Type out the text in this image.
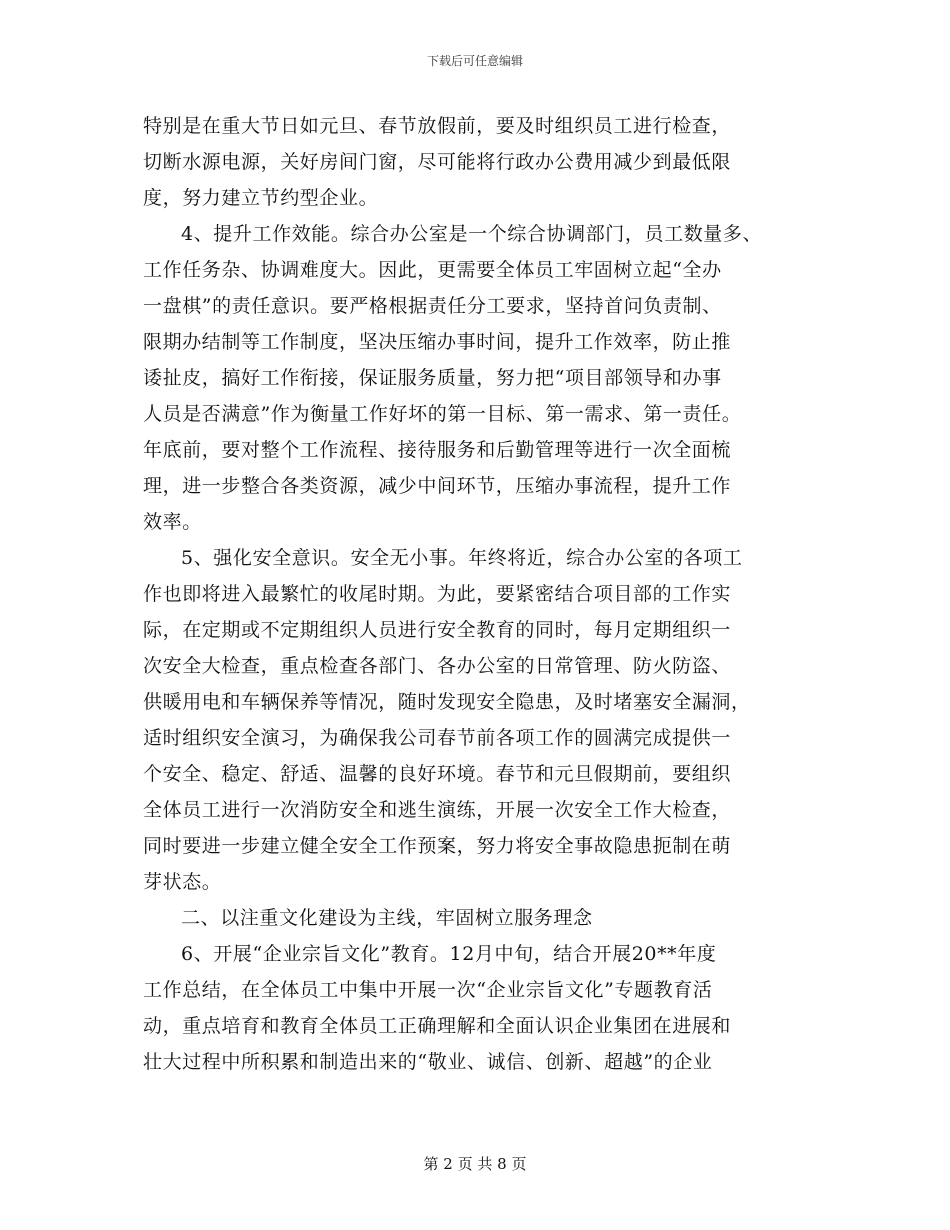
下载后可任意编辑
特别是在重大节日如元旦、春节放假前，要及时组织员工进行检查，
切断水源电源，关好房间门窗，尽可能将行政办公费用减少到最低限
度，努力建立节约型企业。
4、提升工作效能。综合办公室是一个综合协调部门，员工数量多、
工作任务杂、协调难度大。因此，更需要全体员工牢固树立起“全办
一盘棋”的责任意识。要严格根据责任分工要求，坚持首问负责制、
限期办结制等工作制度，坚决压缩办事时间，提升工作效率，防止推
诿扯皮，搞好工作衔接，保证服务质量，努力把“项目部领导和办事
人员是否满意”作为衡量工作好坏的第一目标、第一需求、第一责任。
年底前，要对整个工作流程、接待服务和后勤管理等进行一次全面梳
理，进一步整合各类资源，减少中间环节，压缩办事流程，提升工作
效率。
5、强化安全意识。安全无小事。年终将近，综合办公室的各项工
作也即将进入最繁忙的收尾时期。为此，要紧密结合项目部的工作实
际，在定期或不定期组织人员进行安全教育的同时，每月定期组织一
次安全大检查，重点检查各部门、各办公室的日常管理、防火防盗、
供暖用电和车辆保养等情况，随时发现安全隐患，及时堵塞安全漏洞，
适时组织安全演习，为确保我公司春节前各项工作的圆满完成提供一
个安全、稳定、舒适、温馨的良好环境。春节和元旦假期前，要组织
全体员工进行一次消防安全和逃生演练，开展一次安全工作大检查，
同时要进一步建立健全安全工作预案，努力将安全事故隐患扼制在萌
芽状态。
二、以注重文化建设为主线，牢固树立服务理念
6、开展“企业宗旨文化”教育。12月中旬，结合开展20**年度
工作总结，在全体员工中集中开展一次“企业宗旨文化”专题教育活
动，重点培育和教育全体员工正确理解和全面认识企业集团在进展和
壮大过程中所积累和制造出来的“敬业、诚信、创新、超越”的企业
第 2 页 共 8 页
